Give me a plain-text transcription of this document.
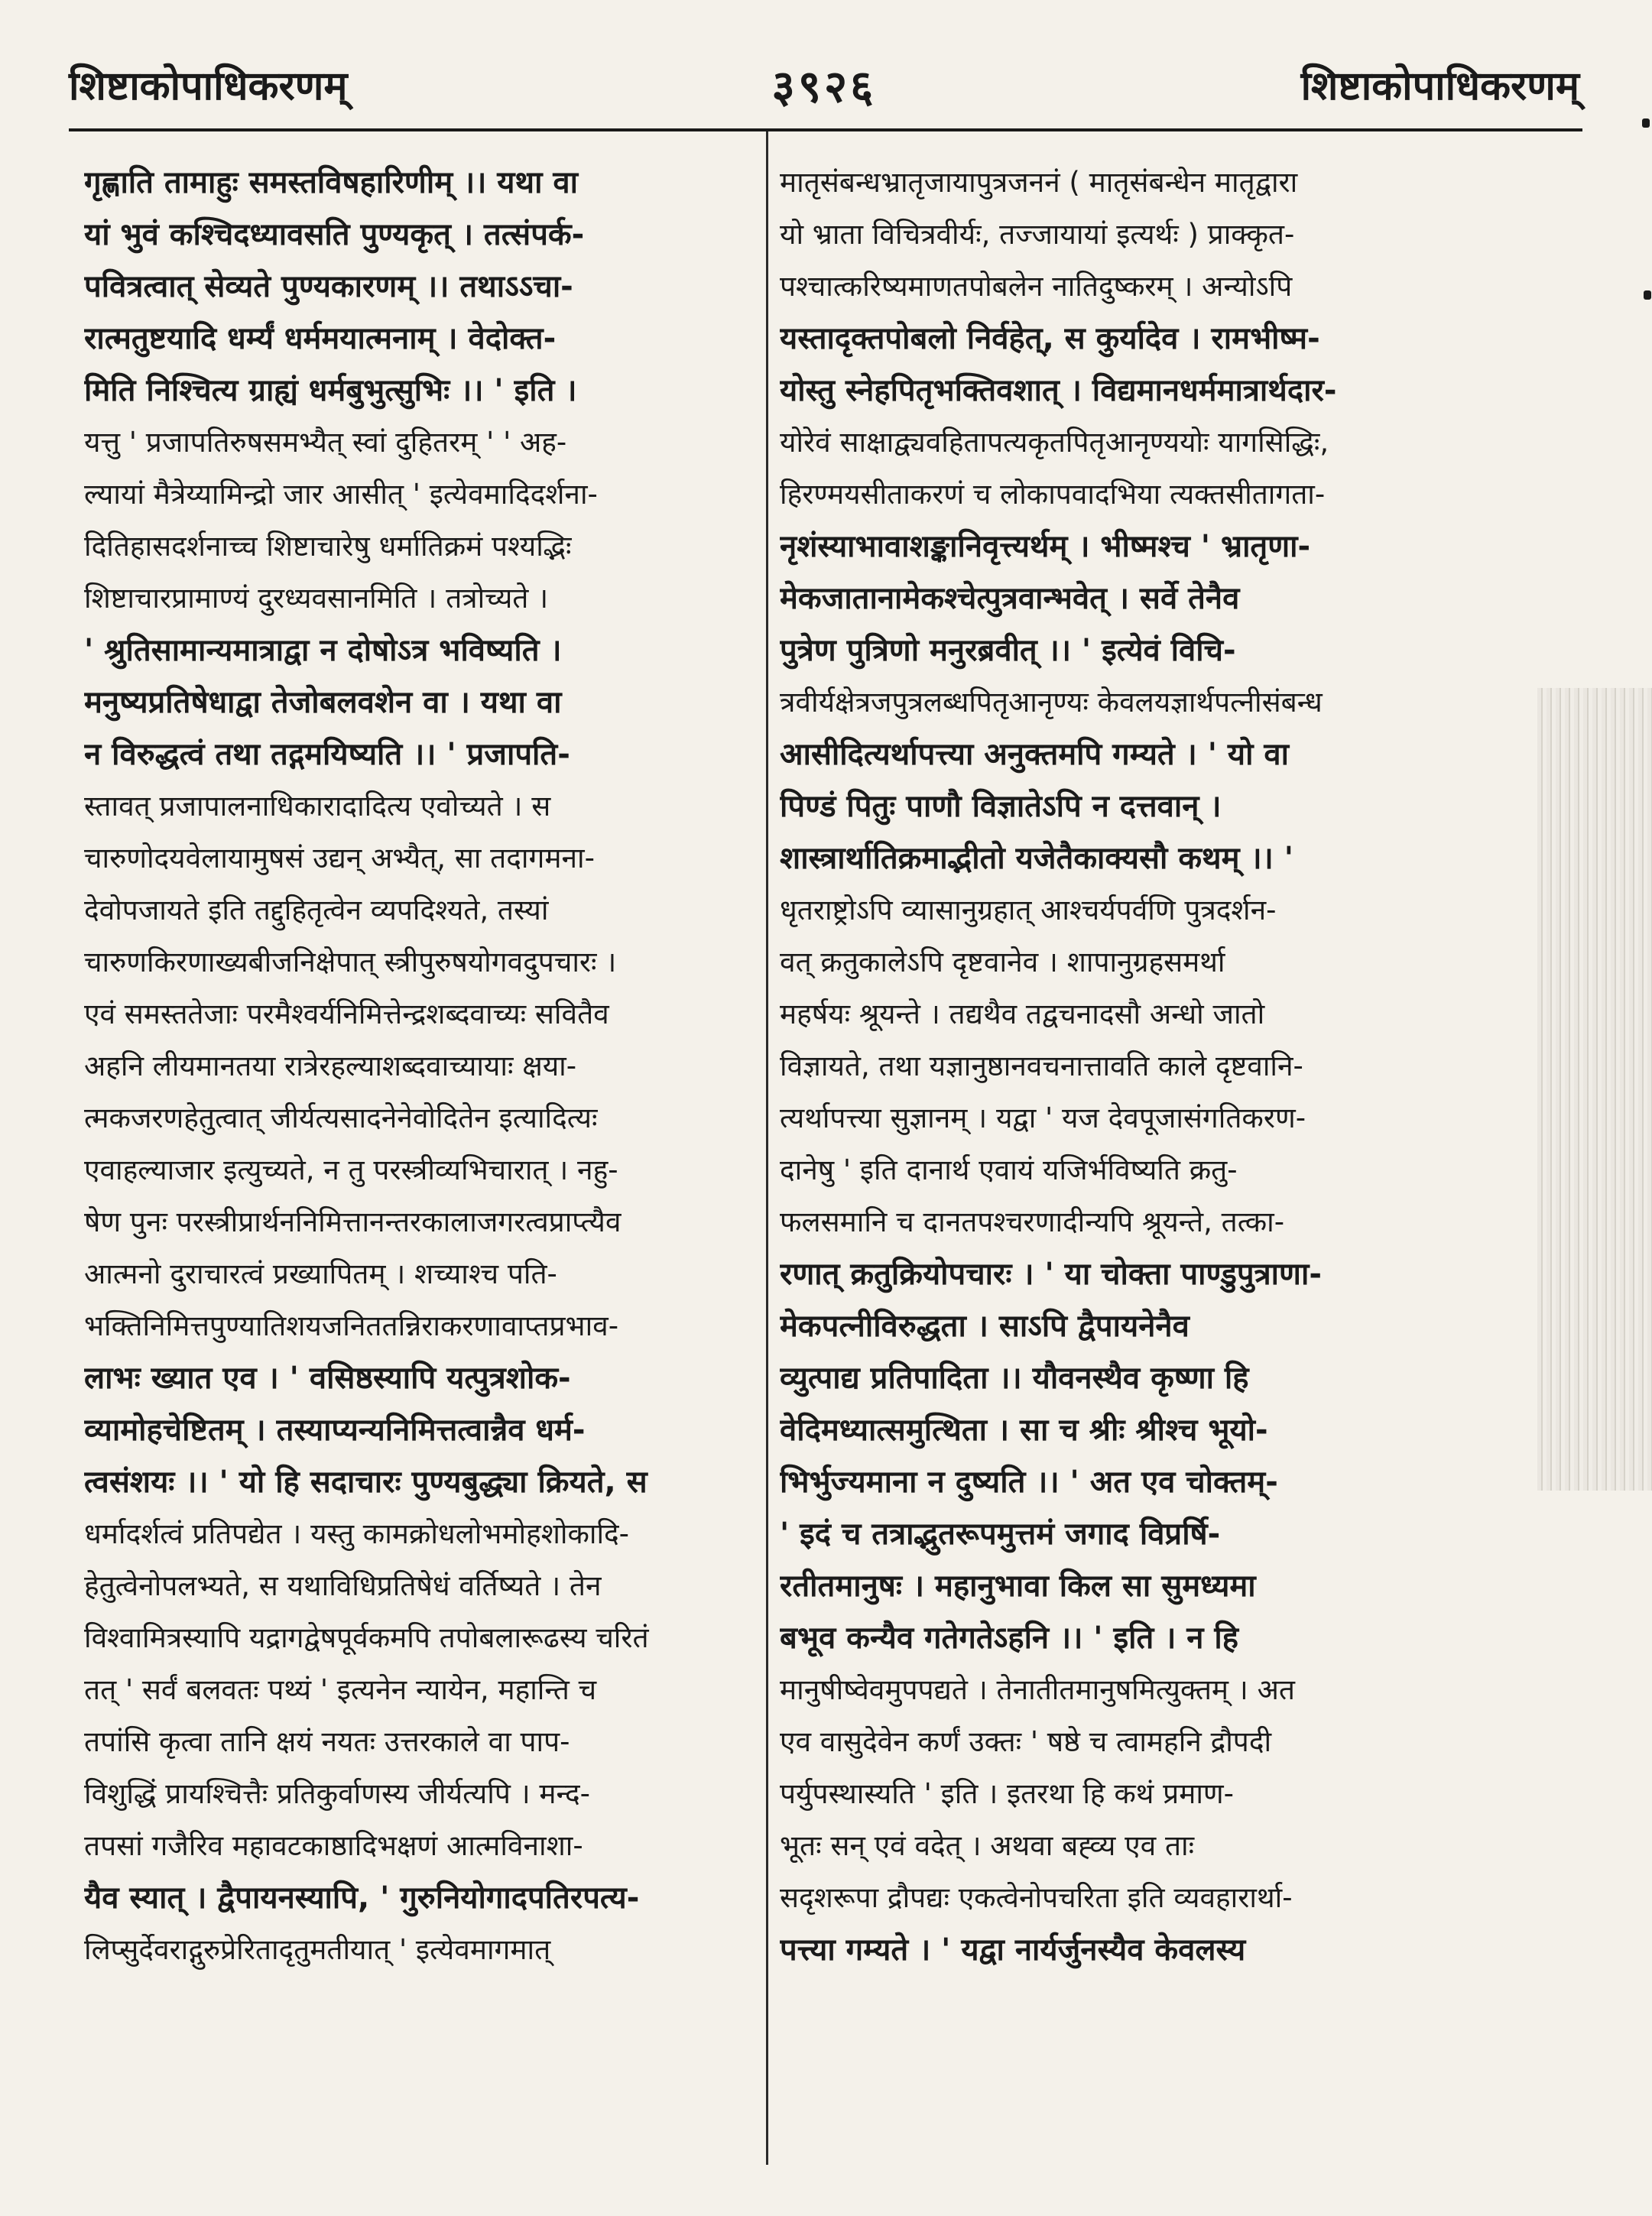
शिष्टाकोपाधिकरणम्	३९२६	शिष्टाकोपाधिकरणम्

गृह्णाति तामाहुः समस्तविषहारिणीम् ।। यथा वा

यां भुवं कश्चिदध्यावसति पुण्यकृत् । तत्संपर्क-

पवित्रत्वात् सेव्यते पुण्यकारणम् ।। तथाऽऽचा-

रात्मतुष्टयादि धर्म्यं धर्ममयात्मनाम् । वेदोक्त-

मिति निश्चित्य ग्राह्यं धर्मबुभुत्सुभिः ।। ' इति ।

यत्तु ' प्रजापतिरुषसमभ्यैत् स्वां दुहितरम् ' ' अह-

ल्यायां मैत्रेय्यामिन्द्रो जार आसीत् ' इत्येवमादिदर्शना-

दितिहासदर्शनाच्च शिष्टाचारेषु धर्मातिक्रमं पश्यद्भिः

शिष्टाचारप्रामाण्यं दुरध्यवसानमिति । तत्रोच्यते ।

' श्रुतिसामान्यमात्राद्वा न दोषोऽत्र भविष्यति ।

मनुष्यप्रतिषेधाद्वा तेजोबलवशेन वा । यथा वा

न विरुद्धत्वं तथा तद्गमयिष्यति ।। ' प्रजापति-

स्तावत् प्रजापालनाधिकारादादित्य एवोच्यते । स

चारुणोदयवेलायामुषसं उद्यन् अभ्यैत्, सा तदागमना-

देवोपजायते इति तद्दुहितृत्वेन व्यपदिश्यते, तस्यां

चारुणकिरणाख्यबीजनिक्षेपात् स्त्रीपुरुषयोगवदुपचारः ।

एवं समस्ततेजाः परमैश्वर्यनिमित्तेन्द्रशब्दवाच्यः सवितैव

अहनि लीयमानतया रात्रेरहल्याशब्दवाच्यायाः क्षया-

त्मकजरणहेतुत्वात् जीर्यत्यसादनेनेवोदितेन इत्यादित्यः

एवाहल्याजार इत्युच्यते, न तु परस्त्रीव्यभिचारात् । नहु-

षेण पुनः परस्त्रीप्रार्थननिमित्तानन्तरकालाजगरत्वप्राप्त्यैव

आत्मनो दुराचारत्वं प्रख्यापितम् । शच्याश्च पति-

भक्तिनिमित्तपुण्यातिशयजनिततन्निराकरणावाप्तप्रभाव-

लाभः ख्यात एव । ' वसिष्ठस्यापि यत्पुत्रशोक-

व्यामोहचेष्टितम् । तस्याप्यन्यनिमित्तत्वान्नैव धर्म-

त्वसंशयः ।। ' यो हि सदाचारः पुण्यबुद्ध्या क्रियते, स

धर्मादर्शत्वं प्रतिपद्येत । यस्तु कामक्रोधलोभमोहशोकादि-

हेतुत्वेनोपलभ्यते, स यथाविधिप्रतिषेधं वर्तिष्यते । तेन

विश्वामित्रस्यापि यद्रागद्वेषपूर्वकमपि तपोबलारूढस्य चरितं

तत् ' सर्वं बलवतः पथ्यं ' इत्यनेन न्यायेन, महान्ति च

तपांसि कृत्वा तानि क्षयं नयतः उत्तरकाले वा पाप-

विशुद्धिं प्रायश्चित्तैः प्रतिकुर्वाणस्य जीर्यत्यपि । मन्द-

तपसां गजैरिव महावटकाष्ठादिभक्षणं आत्मविनाशा-

यैव स्यात् । द्वैपायनस्यापि, ' गुरुनियोगादपतिरपत्य-

लिप्सुर्देवराद्गुरुप्रेरितादृतुमतीयात् ' इत्येवमागमात्

मातृसंबन्धभ्रातृजायापुत्रजननं ( मातृसंबन्धेन मातृद्वारा

यो भ्राता विचित्रवीर्यः, तज्जायायां इत्यर्थः ) प्राक्कृत-

पश्चात्करिष्यमाणतपोबलेन नातिदुष्करम् । अन्योऽपि

यस्तादृक्तपोबलो निर्वहेत्, स कुर्यादेव । रामभीष्म-

योस्तु स्नेहपितृभक्तिवशात् । विद्यमानधर्ममात्रार्थदार-

योरेवं साक्षाद्व्यवहितापत्यकृतपितृआनृण्ययोः यागसिद्धिः,

हिरण्मयसीताकरणं च लोकापवादभिया त्यक्तसीतागता-

नृशंस्याभावाशङ्कानिवृत्त्यर्थम् । भीष्मश्च ' भ्रातृणा-

मेकजातानामेकश्चेत्पुत्रवान्भवेत् । सर्वे तेनैव

पुत्रेण पुत्रिणो मनुरब्रवीत् ।। ' इत्येवं विचि-

त्रवीर्यक्षेत्रजपुत्रलब्धपितृआनृण्यः केवलयज्ञार्थपत्नीसंबन्ध

आसीदित्यर्थापत्त्या अनुक्तमपि गम्यते । ' यो वा

पिण्डं पितुः पाणौ विज्ञातेऽपि न दत्तवान् ।

शास्त्रार्थातिक्रमाद्भीतो यजेतैकाक्यसौ कथम् ।। '

धृतराष्ट्रोऽपि व्यासानुग्रहात् आश्चर्यपर्वणि पुत्रदर्शन-

वत् क्रतुकालेऽपि दृष्टवानेव । शापानुग्रहसमर्था

महर्षयः श्रूयन्ते । तद्यथैव तद्वचनादसौ अन्धो जातो

विज्ञायते, तथा यज्ञानुष्ठानवचनात्तावति काले दृष्टवानि-

त्यर्थापत्त्या सुज्ञानम् । यद्वा ' यज देवपूजासंगतिकरण-

दानेषु ' इति दानार्थ एवायं यजिर्भविष्यति क्रतु-

फलसमानि च दानतपश्चरणादीन्यपि श्रूयन्ते, तत्का-

रणात् क्रतुक्रियोपचारः । ' या चोक्ता पाण्डुपुत्राणा-

मेकपत्नीविरुद्धता । साऽपि द्वैपायनेनैव

व्युत्पाद्य प्रतिपादिता ।। यौवनस्थैव कृष्णा हि

वेदिमध्यात्समुत्थिता । सा च श्रीः श्रीश्च भूयो-

भिर्भुज्यमाना न दुष्यति ।। ' अत एव चोक्तम्-

' इदं च तत्राद्भुतरूपमुत्तमं जगाद विप्रर्षि-

रतीतमानुषः । महानुभावा किल सा सुमध्यमा

बभूव कन्यैव गतेगतेऽहनि ।। ' इति । न हि

मानुषीष्वेवमुपपद्यते । तेनातीतमानुषमित्युक्तम् । अत

एव वासुदेवेन कर्णं उक्तः ' षष्ठे च त्वामहनि द्रौपदी

पर्युपस्थास्यति ' इति । इतरथा हि कथं प्रमाण-

भूतः सन् एवं वदेत् । अथवा बह्व्य एव ताः

सदृशरूपा द्रौपद्यः एकत्वेनोपचरिता इति व्यवहारार्था-

पत्त्या गम्यते । ' यद्वा नार्यर्जुनस्यैव केवलस्य
